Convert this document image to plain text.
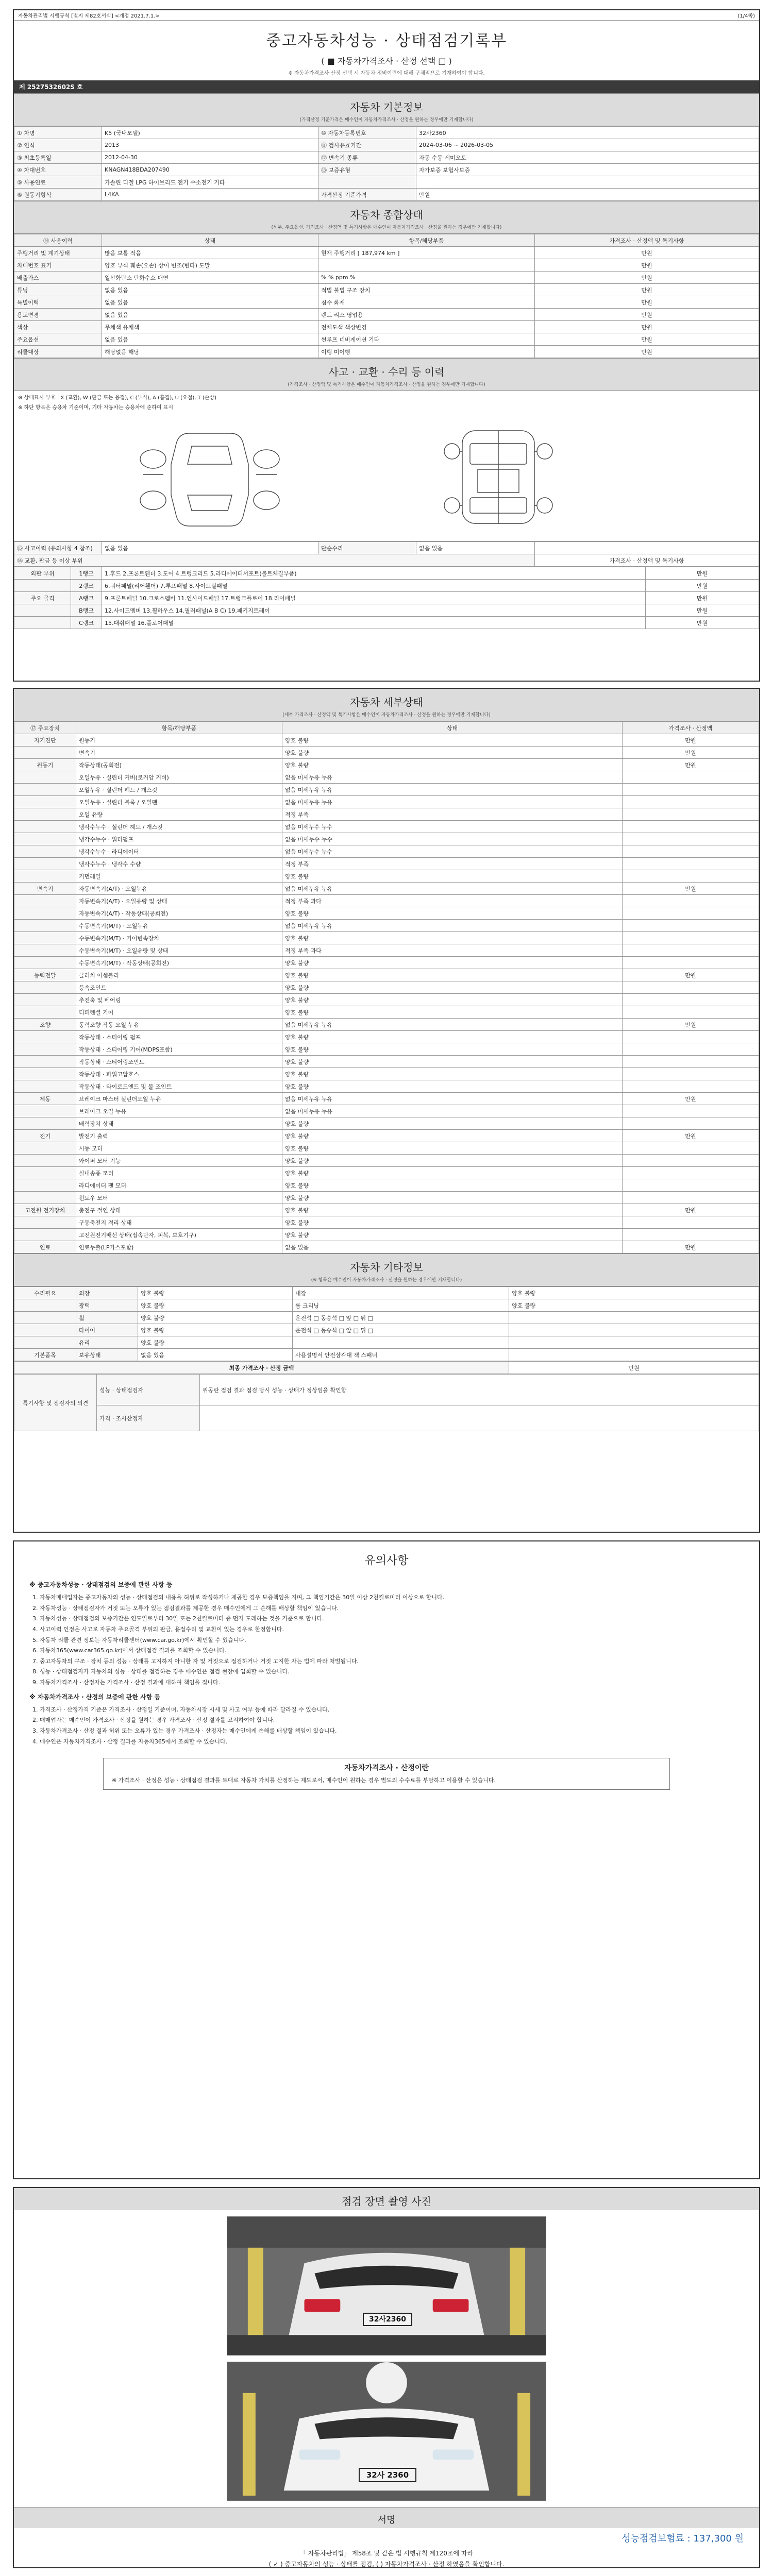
자동차관리법 시행규칙 [별지 제82호서식] <개정 2021.7.1.>	(1/4쪽)
중고자동차성능 · 상태점검기록부
( ■ 자동차가격조사 · 산정 선택 □ )
※ 자동차가격조사·산정 선택 시 자동차 정비이력에 대해 구체적으로 기재하여야 합니다.
제 2527532602S 호
자동차 기본정보
(가격산정 기준가격은 매수인이 자동차가격조사 · 산정을 원하는 경우에만 기재합니다)
① 차명	K5 (국내모델)	⑩ 자동차등록번호	32사2360
② 연식	2013	⑪ 검사유효기간	2024-03-06 ~ 2026-03-05
③ 최초등록일	2012-04-30	⑫ 변속기 종류	자동 수동 세미오토
④ 차대번호	KNAGN418BDA207490	⑬ 보증유형	자가보증 보험사보증
⑤ 사용연료	가솔린 디젤 LPG 하이브리드 전기 수소전기 기타		
⑥ 원동기형식	L4KA	가격산정 기준가격	만원
자동차 종합상태
(세부, 주요옵션, 가격조사 · 산정액 및 특기사항은 매수인이 자동차가격조사 · 산정을 원하는 경우에만 기재합니다)
⑭ 사용이력	상태	항목/해당부품	가격조사 · 산정액 및 특기사항
주행거리 및 계기상태	많음 보통 적음	현재 주행거리 [ 187,974 km ]	만원
차대번호 표기	양호 부식 훼손(오손) 상이 변조(변타) 도말		만원
배출가스	일산화탄소 탄화수소 매연	% % ppm %	만원
튜닝	없음 있음	적법 불법 구조 장치	만원
특별이력	없음 있음	침수 화재	만원
용도변경	없음 있음	렌트 리스 영업용	만원
색상	무채색 유채색	전체도색 색상변경	만원
주요옵션	없음 있음	썬루프 네비게이션 기타	만원
리콜대상	해당없음 해당	이행 미이행	만원
사고 · 교환 · 수리 등 이력
(가격조사 · 산정액 및 특기사항은 매수인이 자동차가격조사 · 산정을 원하는 경우에만 기재합니다)
※ 상태표시 부호 : X (교환), W (판금 또는 용접), C (부식), A (흠집), U (요철), T (손상)
※ 하단 항목은 승용차 기준이며, 기타 자동차는 승용차에 준하여 표시
⑮ 사고이력 (유의사항 4 참조)	없음 있음	단순수리	없음 있음	
⑯ 교환, 판금 등 이상 부위				가격조사 · 산정액 및 특기사항
외판 부위	1랭크	1.후드 2.프론트휀더 3.도어 4.트렁크리드 5.라디에이터서포트(볼트체결부품)	만원
	2랭크	6.쿼터패널(리어휀더) 7.루프패널 8.사이드실패널	만원
주요 골격	A랭크	9.프론트패널 10.크로스멤버 11.인사이드패널 17.트렁크플로어 18.리어패널	만원
	B랭크	12.사이드멤버 13.휠하우스 14.필러패널(A B C) 19.패키지트레이	만원
	C랭크	15.대쉬패널 16.플로어패널	만원
자동차 세부상태
(세부 가격조사 · 산정액 및 특기사항은 매수인이 자동차가격조사 · 산정을 원하는 경우에만 기재합니다)
⑰ 주요장치	항목/해당부품	상태	가격조사 · 산정액
자기진단	원동기	양호 불량	만원
	변속기	양호 불량	만원
원동기	작동상태(공회전)	양호 불량	만원
	오일누유 · 실린더 커버(로커암 커버)	없음 미세누유 누유	
	오일누유 · 실린더 헤드 / 개스킷	없음 미세누유 누유	
	오일누유 · 실린더 블록 / 오일팬	없음 미세누유 누유	
	오일 유량	적정 부족	
	냉각수누수 · 실린더 헤드 / 개스킷	없음 미세누수 누수	
	냉각수누수 · 워터펌프	없음 미세누수 누수	
	냉각수누수 · 라디에이터	없음 미세누수 누수	
	냉각수누수 · 냉각수 수량	적정 부족	
	커먼레일	양호 불량	
변속기	자동변속기(A/T) · 오일누유	없음 미세누유 누유	만원
	자동변속기(A/T) · 오일유량 및 상태	적정 부족 과다	
	자동변속기(A/T) · 작동상태(공회전)	양호 불량	
	수동변속기(M/T) · 오일누유	없음 미세누유 누유	
	수동변속기(M/T) · 기어변속장치	양호 불량	
	수동변속기(M/T) · 오일유량 및 상태	적정 부족 과다	
	수동변속기(M/T) · 작동상태(공회전)	양호 불량	
동력전달	클러치 어셈블리	양호 불량	만원
	등속조인트	양호 불량	
	추진축 및 베어링	양호 불량	
	디퍼렌셜 기어	양호 불량	
조향	동력조향 작동 오일 누유	없음 미세누유 누유	만원
	작동상태 · 스티어링 펌프	양호 불량	
	작동상태 · 스티어링 기어(MDPS포함)	양호 불량	
	작동상태 · 스티어링조인트	양호 불량	
	작동상태 · 파워고압호스	양호 불량	
	작동상태 · 타이로드엔드 및 볼 조인트	양호 불량	
제동	브레이크 마스터 실린더오일 누유	없음 미세누유 누유	만원
	브레이크 오일 누유	없음 미세누유 누유	
	배력장치 상태	양호 불량	
전기	발전기 출력	양호 불량	만원
	시동 모터	양호 불량	
	와이퍼 모터 기능	양호 불량	
	실내송풍 모터	양호 불량	
	라디에이터 팬 모터	양호 불량	
	윈도우 모터	양호 불량	
고전원 전기장치	충전구 절연 상태	양호 불량	만원
	구동축전지 격리 상태	양호 불량	
	고전원전기배선 상태(접속단자, 피복, 보호기구)	양호 불량	
연료	연료누출(LP가스포함)	없음 있음	만원
자동차 기타정보
(※ 항목은 매수인이 자동차가격조사 · 산정을 원하는 경우에만 기재합니다)
수리필요	외장	양호 불량	내장	양호 불량
	광택	양호 불량	룸 크리닝	양호 불량
	휠	양호 불량	운전석 □ 동승석 □ 앞 □ 뒤 □	
	타이어	양호 불량	운전석 □ 동승석 □ 앞 □ 뒤 □	
	유리	양호 불량		
기본품목	보유상태	없음 있음	사용설명서 안전삼각대 잭 스패너	
최종 가격조사 · 산정 금액	만원
특기사항 및 점검자의 의견	성능 · 상태점검자	위공란 점검 결과 점검 당시 성능 · 상태가 정상임을 확인함
	가격 · 조사산정자	
유의사항
※ 중고자동차성능 · 상태점검의 보증에 관한 사항 등
1. 자동차매매업자는 중고자동차의 성능 · 상태점검의 내용을 허위로 작성하거나 제공한 경우 보증책임을 지며, 그 책임기간은 30일 이상 2천킬로미터 이상으로 합니다.
2. 자동차성능 · 상태점검자가 거짓 또는 오류가 있는 점검결과를 제공한 경우 매수인에게 그 손해를 배상할 책임이 있습니다.
3. 자동차성능 · 상태점검의 보증기간은 인도일로부터 30일 또는 2천킬로미터 중 먼저 도래하는 것을 기준으로 합니다.
4. 사고이력 인정은 사고로 자동차 주요골격 부위의 판금, 용접수리 및 교환이 있는 경우로 한정합니다.
5. 자동차 리콜 관련 정보는 자동차리콜센터(www.car.go.kr)에서 확인할 수 있습니다.
6. 자동차365(www.car365.go.kr)에서 상태점검 결과를 조회할 수 있습니다.
7. 중고자동차의 구조 · 장치 등의 성능 · 상태를 고지하지 아니한 자 및 거짓으로 점검하거나 거짓 고지한 자는 법에 따라 처벌됩니다.
8. 성능 · 상태점검자가 자동차의 성능 · 상태를 점검하는 경우 매수인은 점검 현장에 입회할 수 있습니다.
9. 자동차가격조사 · 산정자는 가격조사 · 산정 결과에 대하여 책임을 집니다.
※ 자동차가격조사 · 산정의 보증에 관한 사항 등
1. 가격조사 · 산정가격 기준은 가격조사 · 산정일 기준이며, 자동차시장 시세 및 사고 여부 등에 따라 달라질 수 있습니다.
2. 매매업자는 매수인이 가격조사 · 산정을 원하는 경우 가격조사 · 산정 결과를 고지하여야 합니다.
3. 자동차가격조사 · 산정 결과 허위 또는 오류가 있는 경우 가격조사 · 산정자는 매수인에게 손해를 배상할 책임이 있습니다.
4. 매수인은 자동차가격조사 · 산정 결과를 자동차365에서 조회할 수 있습니다.
자동차가격조사 · 산정이란
※ 가격조사 · 산정은 성능 · 상태점검 결과를 토대로 자동차 가치를 산정하는 제도로서, 매수인이 원하는 경우 별도의 수수료를 부담하고 이용할 수 있습니다.
점검 장면 촬영 사진
32사2360
32사 2360
서명
성능점검보험료 : 137,300 원
「 자동차관리법」 제58조 및 같은 법 시행규칙 제120조에 따라
( ✓ ) 중고자동차의 성능 · 상태를 점검, ( ) 자동차가격조사 · 산정 하였음을 확인합니다.
